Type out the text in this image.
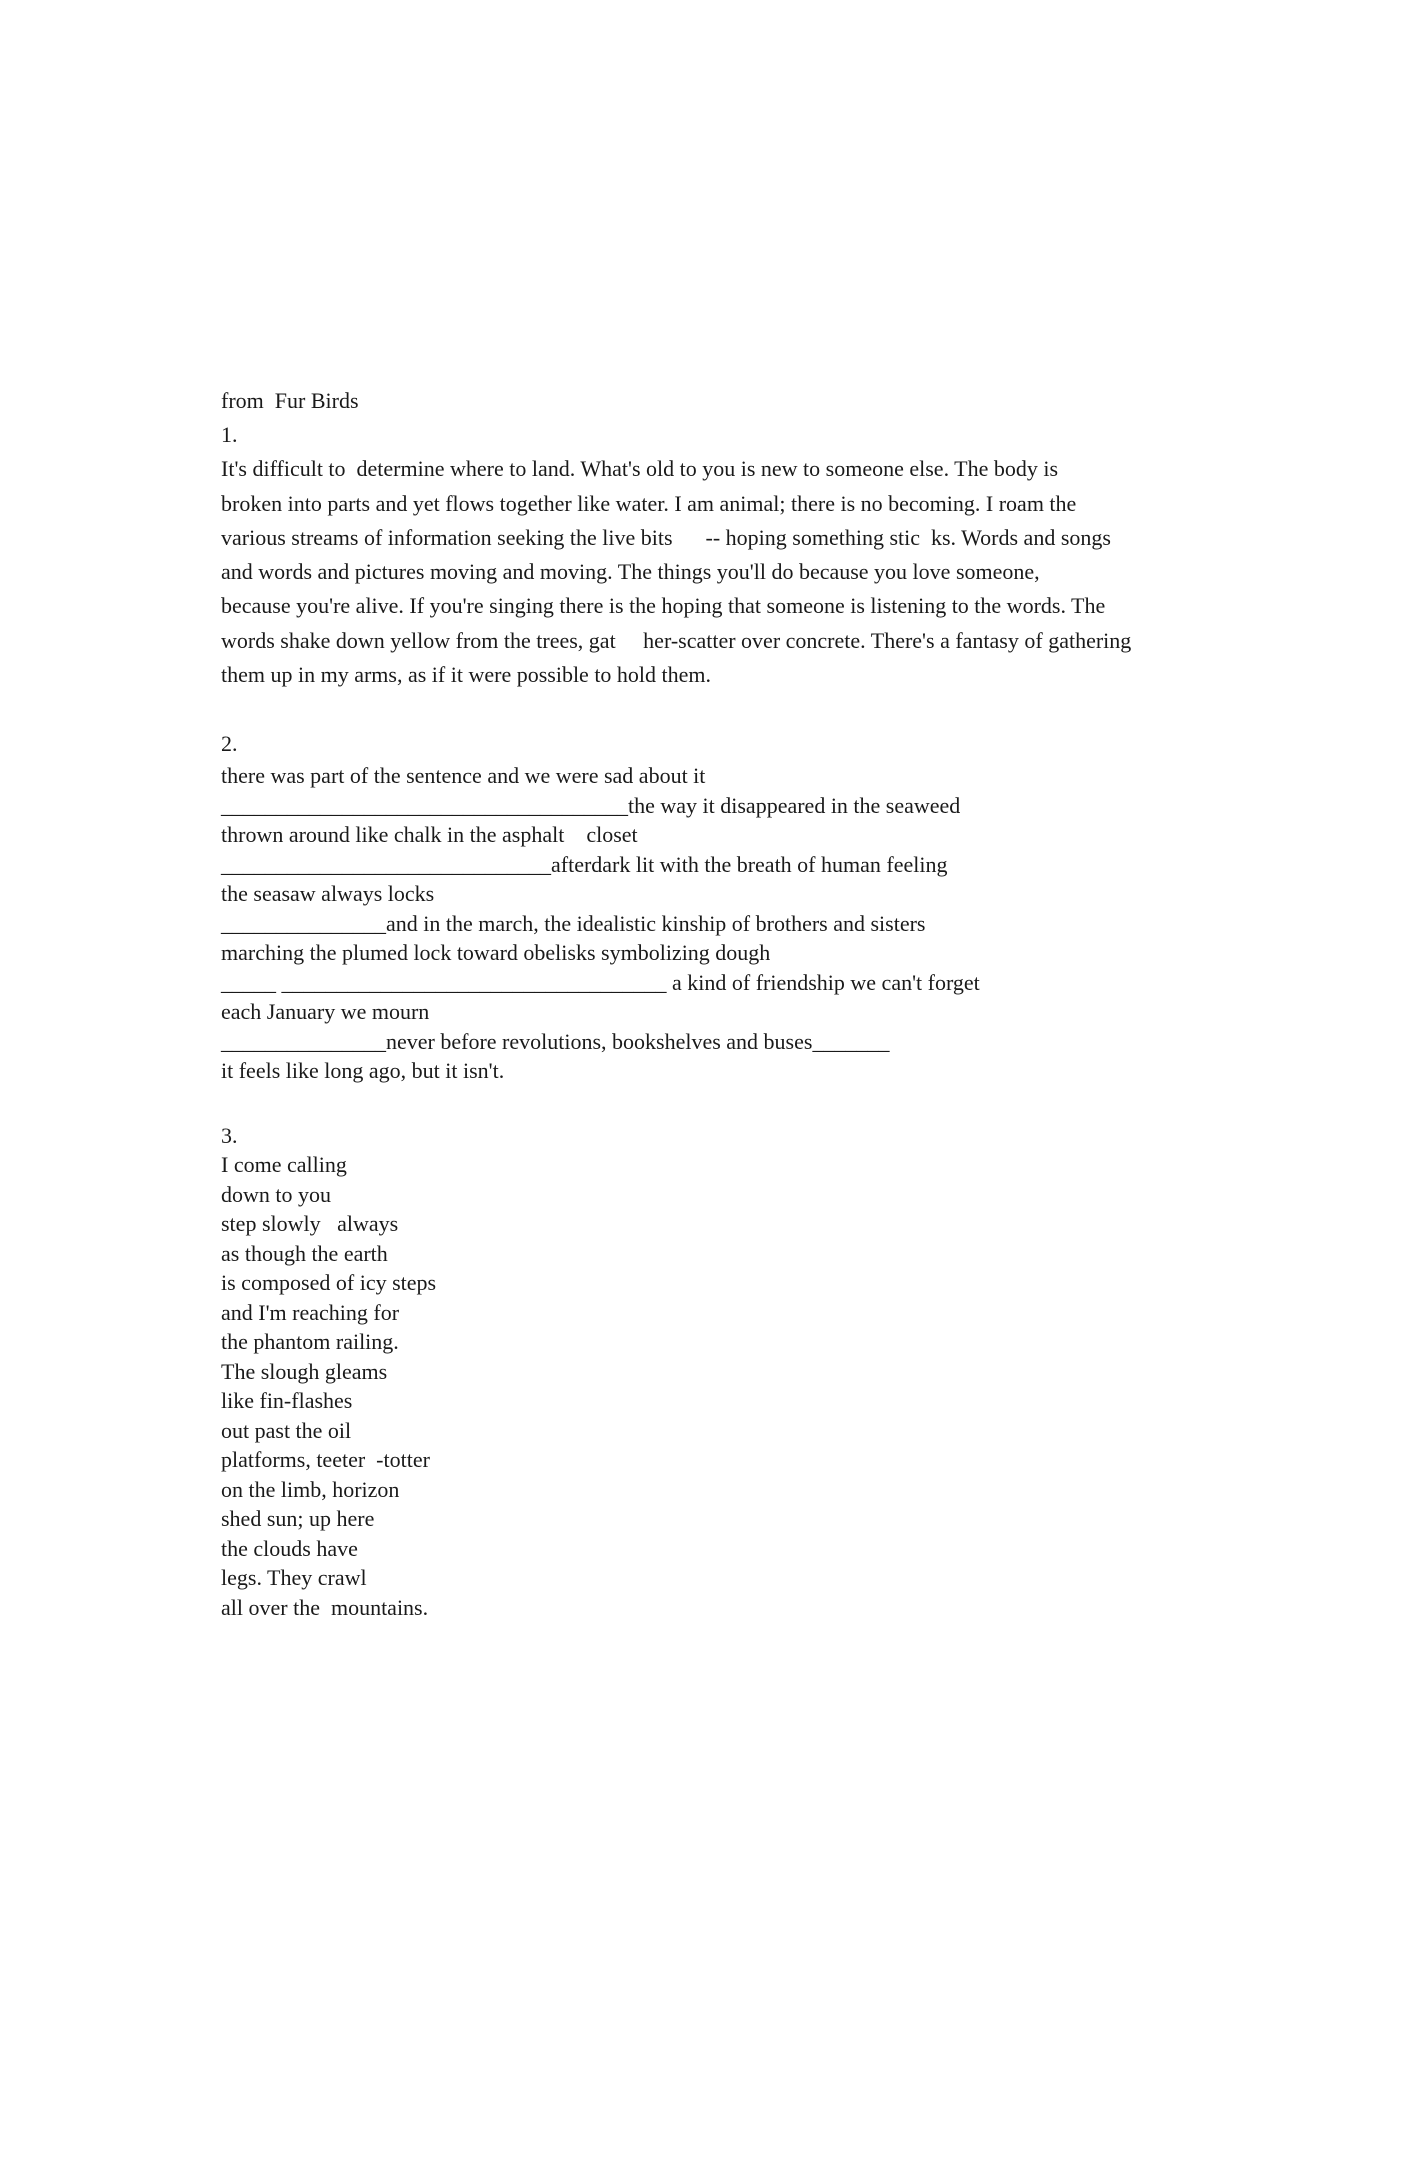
from  Fur Birds
1.
It's difficult to  determine where to land. What's old to you is new to someone else. The body is
broken into parts and yet flows together like water. I am animal; there is no becoming. I roam the
various streams of information seeking the live bits      -- hoping something stic  ks. Words and songs
and words and pictures moving and moving. The things you'll do because you love someone,
because you're alive. If you're singing there is the hoping that someone is listening to the words. The
words shake down yellow from the trees, gat     her-scatter over concrete. There's a fantasy of gathering
them up in my arms, as if it were possible to hold them.
2.
there was part of the sentence and we were sad about it
_____________________________________the way it disappeared in the seaweed
thrown around like chalk in the asphalt    closet
______________________________afterdark lit with the breath of human feeling
the seasaw always locks
_______________and in the march, the idealistic kinship of brothers and sisters
marching the plumed lock toward obelisks symbolizing dough
_____ ___________________________________ a kind of friendship we can't forget
each January we mourn
_______________never before revolutions, bookshelves and buses_______
it feels like long ago, but it isn't.
3.
I come calling
down to you
step slowly   always
as though the earth
is composed of icy steps
and I'm reaching for
the phantom railing.
The slough gleams
like fin-flashes
out past the oil
platforms, teeter  -totter
on the limb, horizon
shed sun; up here
the clouds have
legs. They crawl
all over the  mountains.
